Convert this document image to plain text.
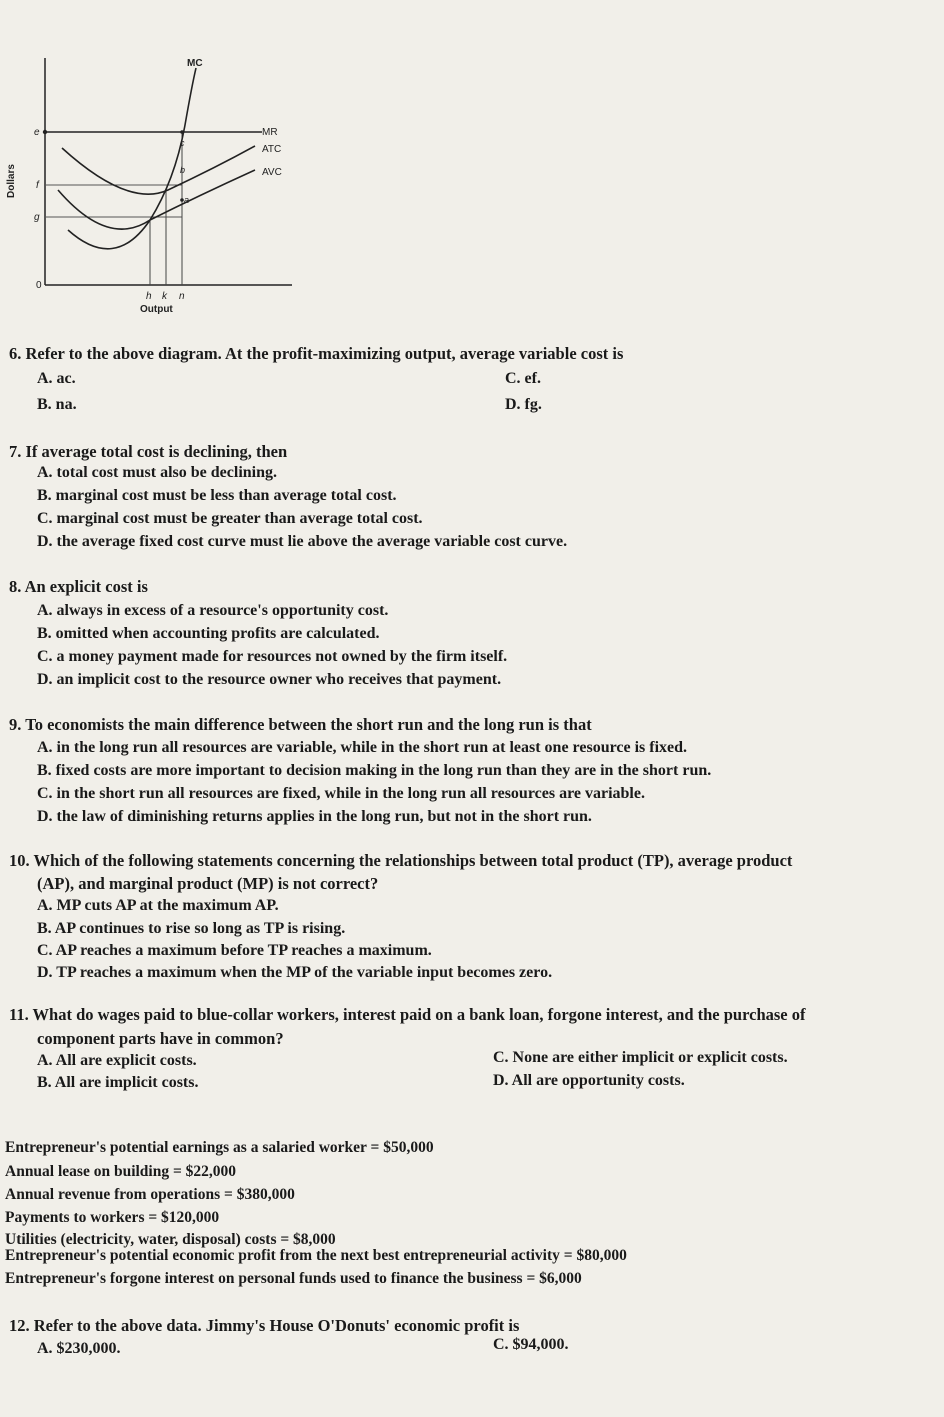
MC
MR
ATC
AVC
Dollars
Output
e
f
g
0
c
b
a
h k n
6. Refer to the above diagram. At the profit-maximizing output, average variable cost is
A. ac.
B. na.
C. ef.
D. fg.
7. If average total cost is declining, then
A. total cost must also be declining.
B. marginal cost must be less than average total cost.
C. marginal cost must be greater than average total cost.
D. the average fixed cost curve must lie above the average variable cost curve.
8. An explicit cost is
A. always in excess of a resource's opportunity cost.
B. omitted when accounting profits are calculated.
C. a money payment made for resources not owned by the firm itself.
D. an implicit cost to the resource owner who receives that payment.
9. To economists the main difference between the short run and the long run is that
A. in the long run all resources are variable, while in the short run at least one resource is fixed.
B. fixed costs are more important to decision making in the long run than they are in the short run.
C. in the short run all resources are fixed, while in the long run all resources are variable.
D. the law of diminishing returns applies in the long run, but not in the short run.
10. Which of the following statements concerning the relationships between total product (TP), average product
(AP), and marginal product (MP) is not correct?
A. MP cuts AP at the maximum AP.
B. AP continues to rise so long as TP is rising.
C. AP reaches a maximum before TP reaches a maximum.
D. TP reaches a maximum when the MP of the variable input becomes zero.
11. What do wages paid to blue-collar workers, interest paid on a bank loan, forgone interest, and the purchase of
component parts have in common?
A. All are explicit costs.
B. All are implicit costs.
C. None are either implicit or explicit costs.
D. All are opportunity costs.
Entrepreneur's potential earnings as a salaried worker = $50,000
Annual lease on building = $22,000
Annual revenue from operations = $380,000
Payments to workers = $120,000
Utilities (electricity, water, disposal) costs = $8,000
Entrepreneur's potential economic profit from the next best entrepreneurial activity = $80,000
Entrepreneur's forgone interest on personal funds used to finance the business = $6,000
12. Refer to the above data. Jimmy's House O'Donuts' economic profit is
A. $230,000.	C. $94,000.
